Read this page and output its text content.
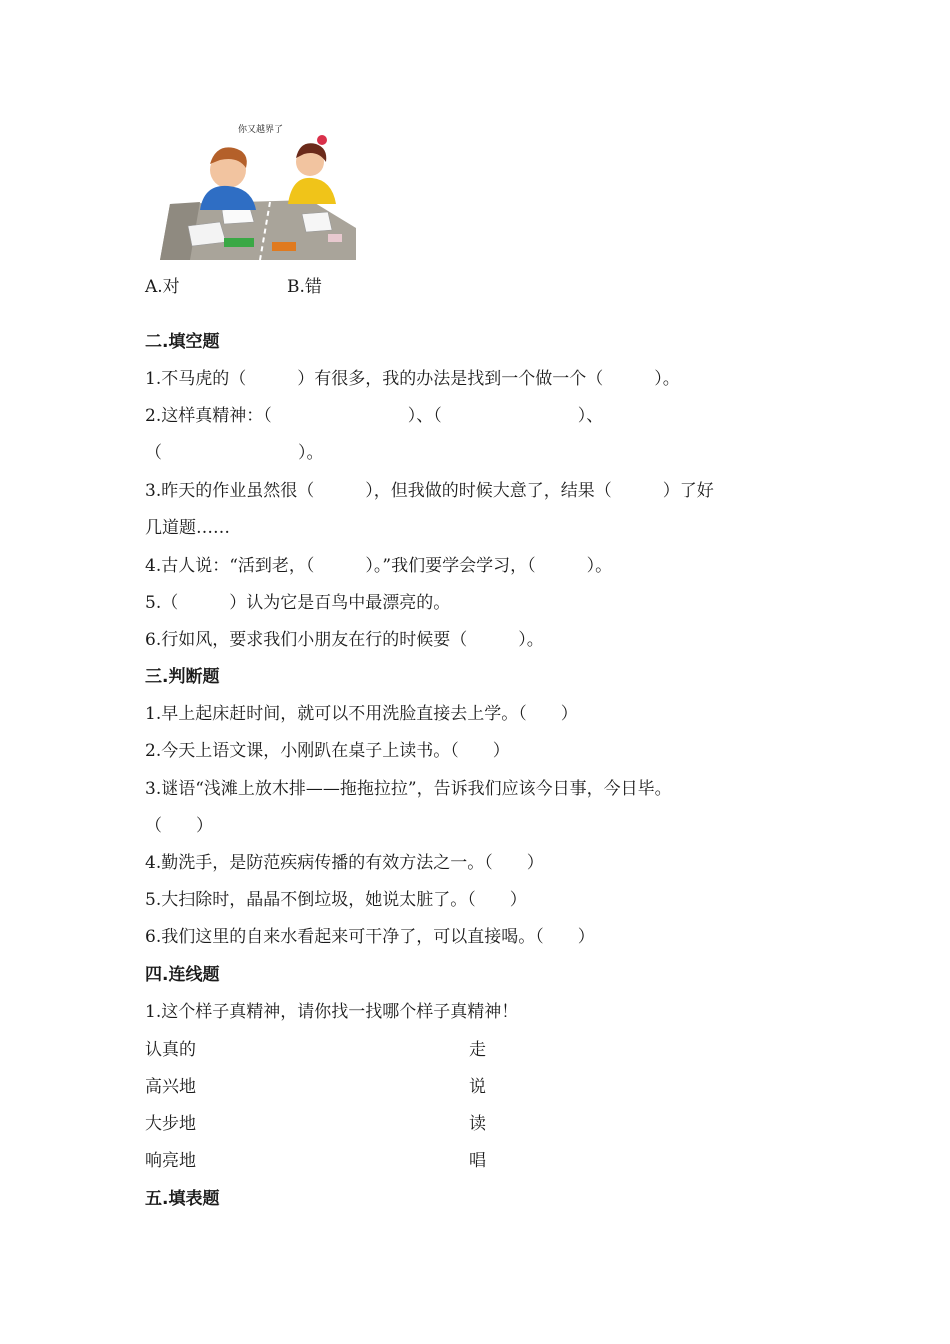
你又越界了
A.对	B.错
二.填空题
1.不马虎的（　　　）有很多，我的办法是找到一个做一个（　　　）。
2.这样真精神：（　　　　　　　　）、（　　　　　　　　）、
（　　　　　　　　）。
3.昨天的作业虽然很（　　　），但我做的时候大意了，结果（　　　）了好
几道题……
4.古人说：“活到老，（　　　）。”我们要学会学习，（　　　）。
5.（　　　）认为它是百鸟中最漂亮的。
6.行如风，要求我们小朋友在行的时候要（　　　）。
三.判断题
1.早上起床赶时间，就可以不用洗脸直接去上学。（　　）
2.今天上语文课，小刚趴在桌子上读书。（　　）
3.谜语“浅滩上放木排——拖拖拉拉”，告诉我们应该今日事，今日毕。
（　　）
4.勤洗手，是防范疾病传播的有效方法之一。（　　）
5.大扫除时，晶晶不倒垃圾，她说太脏了。（　　）
6.我们这里的自来水看起来可干净了，可以直接喝。（　　）
四.连线题
1.这个样子真精神，请你找一找哪个样子真精神！
认真的	走
高兴地	说
大步地	读
响亮地	唱
五.填表题
